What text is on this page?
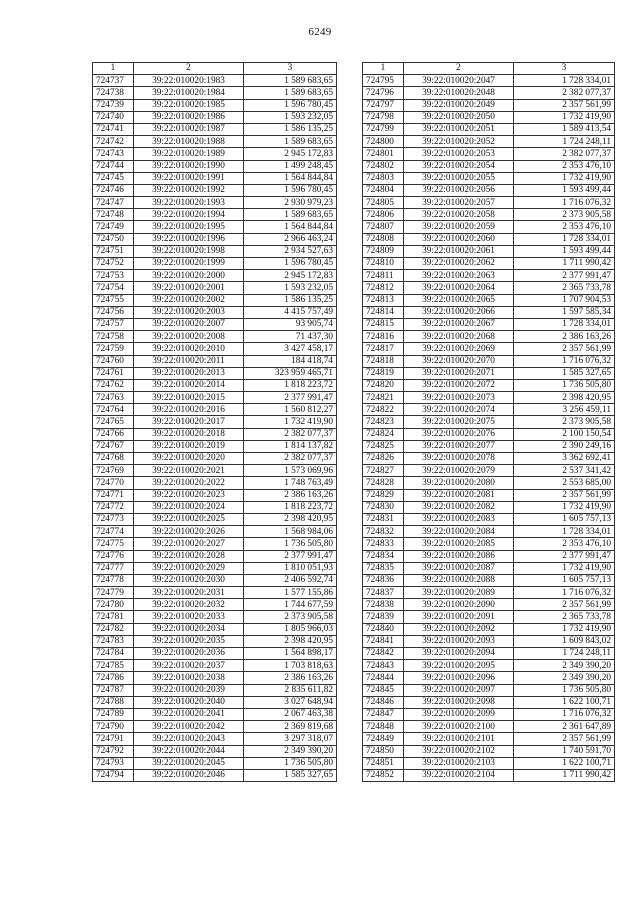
6249
1	2	3
724737	39:22:010020:1983	1 589 683,65
724738	39:22:010020:1984	1 589 683,65
724739	39:22:010020:1985	1 596 780,45
724740	39:22:010020:1986	1 593 232,05
724741	39:22:010020:1987	1 586 135,25
724742	39:22:010020:1988	1 589 683,65
724743	39:22:010020:1989	2 945 172,83
724744	39:22:010020:1990	1 499 248,45
724745	39:22:010020:1991	1 564 844,84
724746	39:22:010020:1992	1 596 780,45
724747	39:22:010020:1993	2 930 979,23
724748	39:22:010020:1994	1 589 683,65
724749	39:22:010020:1995	1 564 844,84
724750	39:22:010020:1996	2 966 463,24
724751	39:22:010020:1998	2 934 527,63
724752	39:22:010020:1999	1 596 780,45
724753	39:22:010020:2000	2 945 172,83
724754	39:22:010020:2001	1 593 232,05
724755	39:22:010020:2002	1 586 135,25
724756	39:22:010020:2003	4 415 757,49
724757	39:22:010020:2007	93 905,74
724758	39:22:010020:2008	71 437,30
724759	39:22:010020:2010	3 427 458,17
724760	39:22:010020:2011	184 418,74
724761	39:22:010020:2013	323 959 465,71
724762	39:22:010020:2014	1 818 223,72
724763	39:22:010020:2015	2 377 991,47
724764	39:22:010020:2016	1 560 812,27
724765	39:22:010020:2017	1 732 419,90
724766	39:22:010020:2018	2 382 077,37
724767	39:22:010020:2019	1 814 137,82
724768	39:22:010020:2020	2 382 077,37
724769	39:22:010020:2021	1 573 069,96
724770	39:22:010020:2022	1 748 763,49
724771	39:22:010020:2023	2 386 163,26
724772	39:22:010020:2024	1 818 223,72
724773	39:22:010020:2025	2 398 420,95
724774	39:22:010020:2026	1 568 984,06
724775	39:22:010020:2027	1 736 505,80
724776	39:22:010020:2028	2 377 991,47
724777	39:22:010020:2029	1 810 051,93
724778	39:22:010020:2030	2 406 592,74
724779	39:22:010020:2031	1 577 155,86
724780	39:22:010020:2032	1 744 677,59
724781	39:22:010020:2033	2 373 905,58
724782	39:22:010020:2034	1 805 966,03
724783	39:22:010020:2035	2 398 420,95
724784	39:22:010020:2036	1 564 898,17
724785	39:22:010020:2037	1 703 818,63
724786	39:22:010020:2038	2 386 163,26
724787	39:22:010020:2039	2 835 611,82
724788	39:22:010020:2040	3 027 648,94
724789	39:22:010020:2041	2 067 463,38
724790	39:22:010020:2042	2 369 819,68
724791	39:22:010020:2043	3 297 318,07
724792	39:22:010020:2044	2 349 390,20
724793	39:22:010020:2045	1 736 505,80
724794	39:22:010020:2046	1 585 327,65
1	2	3
724795	39:22:010020:2047	1 728 334,01
724796	39:22:010020:2048	2 382 077,37
724797	39:22:010020:2049	2 357 561,99
724798	39:22:010020:2050	1 732 419,90
724799	39:22:010020:2051	1 589 413,54
724800	39:22:010020:2052	1 724 248,11
724801	39:22:010020:2053	2 382 077,37
724802	39:22:010020:2054	2 353 476,10
724803	39:22:010020:2055	1 732 419,90
724804	39:22:010020:2056	1 593 499,44
724805	39:22:010020:2057	1 716 076,32
724806	39:22:010020:2058	2 373 905,58
724807	39:22:010020:2059	2 353 476,10
724808	39:22:010020:2060	1 728 334,01
724809	39:22:010020:2061	1 593 499,44
724810	39:22:010020:2062	1 711 990,42
724811	39:22:010020:2063	2 377 991,47
724812	39:22:010020:2064	2 365 733,78
724813	39:22:010020:2065	1 707 904,53
724814	39:22:010020:2066	1 597 585,34
724815	39:22:010020:2067	1 728 334,01
724816	39:22:010020:2068	2 386 163,26
724817	39:22:010020:2069	2 357 561,99
724818	39:22:010020:2070	1 716 076,32
724819	39:22:010020:2071	1 585 327,65
724820	39:22:010020:2072	1 736 505,80
724821	39:22:010020:2073	2 398 420,95
724822	39:22:010020:2074	3 256 459,11
724823	39:22:010020:2075	2 373 905,58
724824	39:22:010020:2076	2 100 150,54
724825	39:22:010020:2077	2 390 249,16
724826	39:22:010020:2078	3 362 692,41
724827	39:22:010020:2079	2 537 341,42
724828	39:22:010020:2080	2 553 685,00
724829	39:22:010020:2081	2 357 561,99
724830	39:22:010020:2082	1 732 419,90
724831	39:22:010020:2083	1 605 757,13
724832	39:22:010020:2084	1 728 334,01
724833	39:22:010020:2085	2 353 476,10
724834	39:22:010020:2086	2 377 991,47
724835	39:22:010020:2087	1 732 419,90
724836	39:22:010020:2088	1 605 757,13
724837	39:22:010020:2089	1 716 076,32
724838	39:22:010020:2090	2 357 561,99
724839	39:22:010020:2091	2 365 733,78
724840	39:22:010020:2092	1 732 419,90
724841	39:22:010020:2093	1 609 843,02
724842	39:22:010020:2094	1 724 248,11
724843	39:22:010020:2095	2 349 390,20
724844	39:22:010020:2096	2 349 390,20
724845	39:22:010020:2097	1 736 505,80
724846	39:22:010020:2098	1 622 100,71
724847	39:22:010020:2099	1 716 076,32
724848	39:22:010020:2100	2 361 647,89
724849	39:22:010020:2101	2 357 561,99
724850	39:22:010020:2102	1 740 591,70
724851	39:22:010020:2103	1 622 100,71
724852	39:22:010020:2104	1 711 990,42
